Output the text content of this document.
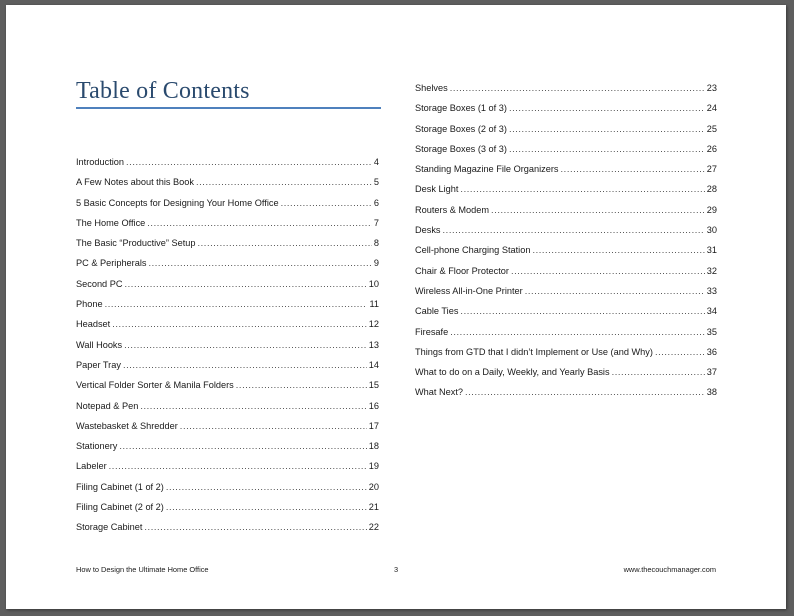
Table of Contents
Introduction .....	4
A Few Notes about this Book .....	5
5 Basic Concepts for Designing Your Home Office .....	6
The Home Office .....	7
The Basic “Productive” Setup .....	8
PC & Peripherals .....	9
Second PC .....	10
Phone .....	11
Headset .....	12
Wall Hooks .....	13
Paper Tray .....	14
Vertical Folder Sorter & Manila Folders .....	15
Notepad & Pen .....	16
Wastebasket & Shredder .....	17
Stationery .....	18
Labeler .....	19
Filing Cabinet (1 of 2) .....	20
Filing Cabinet (2 of 2) .....	21
Storage Cabinet .....	22
Shelves .....	23
Storage Boxes (1 of 3) .....	24
Storage Boxes (2 of 3) .....	25
Storage Boxes (3 of 3) .....	26
Standing Magazine File Organizers .....	27
Desk Light .....	28
Routers & Modem .....	29
Desks .....	30
Cell-phone Charging Station .....	31
Chair & Floor Protector .....	32
Wireless All-in-One Printer .....	33
Cable Ties .....	34
Firesafe .....	35
Things from GTD that I didn’t Implement or Use (and Why) .....	36
What to do on a Daily, Weekly, and Yearly Basis .....	37
What Next? .....	38
How to Design the Ultimate Home Office	3	www.thecouchmanager.com
